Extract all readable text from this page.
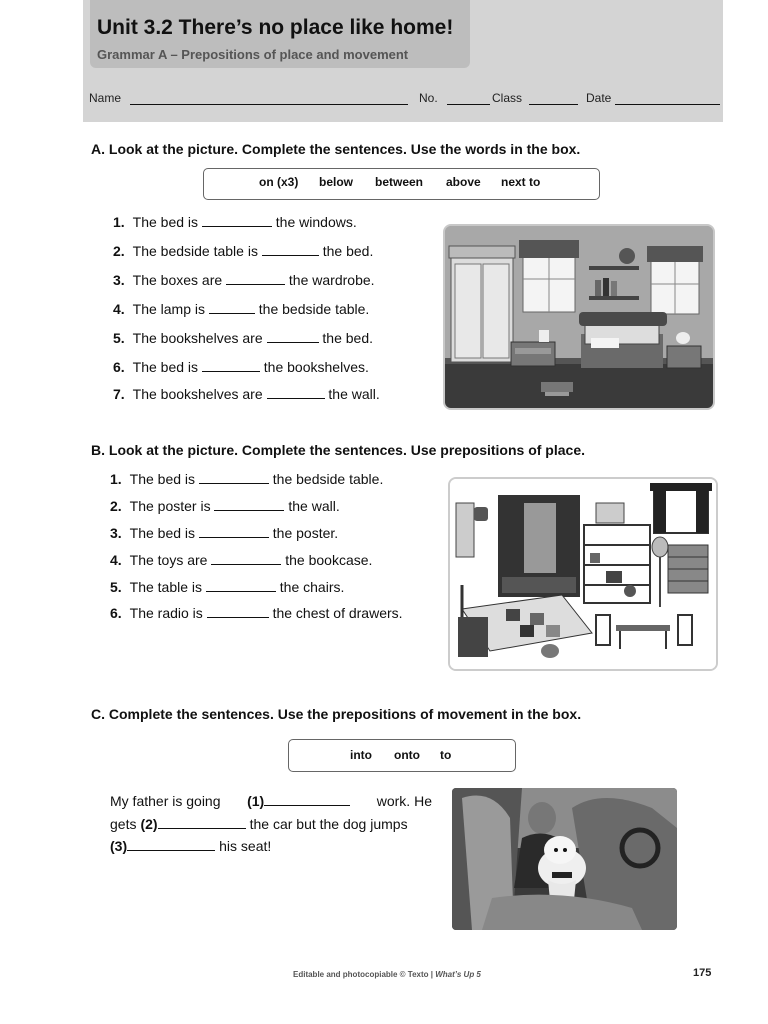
Unit 3.2 There’s no place like home!
Grammar A – Prepositions of place and movement
Name	No.	Class	Date
A. Look at the picture. Complete the sentences. Use the words in the box.
on (x3) below between above next to
1. The bed is	the windows.
2. The bedside table is	the bed.
3. The boxes are	the wardrobe.
4. The lamp is	the bedside table.
5. The bookshelves are	the bed.
6. The bed is	the bookshelves.
7. The bookshelves are	the wall.
B. Look at the picture. Complete the sentences. Use prepositions of place.
1. The bed is	the bedside table.
2. The poster is	the wall.
3. The bed is	the poster.
4. The toys are	the bookcase.
5. The table is	the chairs.
6. The radio is	the chest of drawers.
C. Complete the sentences. Use the prepositions of movement in the box.
into onto to
My father is going (1)	work. He
gets (2)	the car but the dog jumps
(3)	his seat!
Editable and photocopiable © Texto | What’s Up 5	175
